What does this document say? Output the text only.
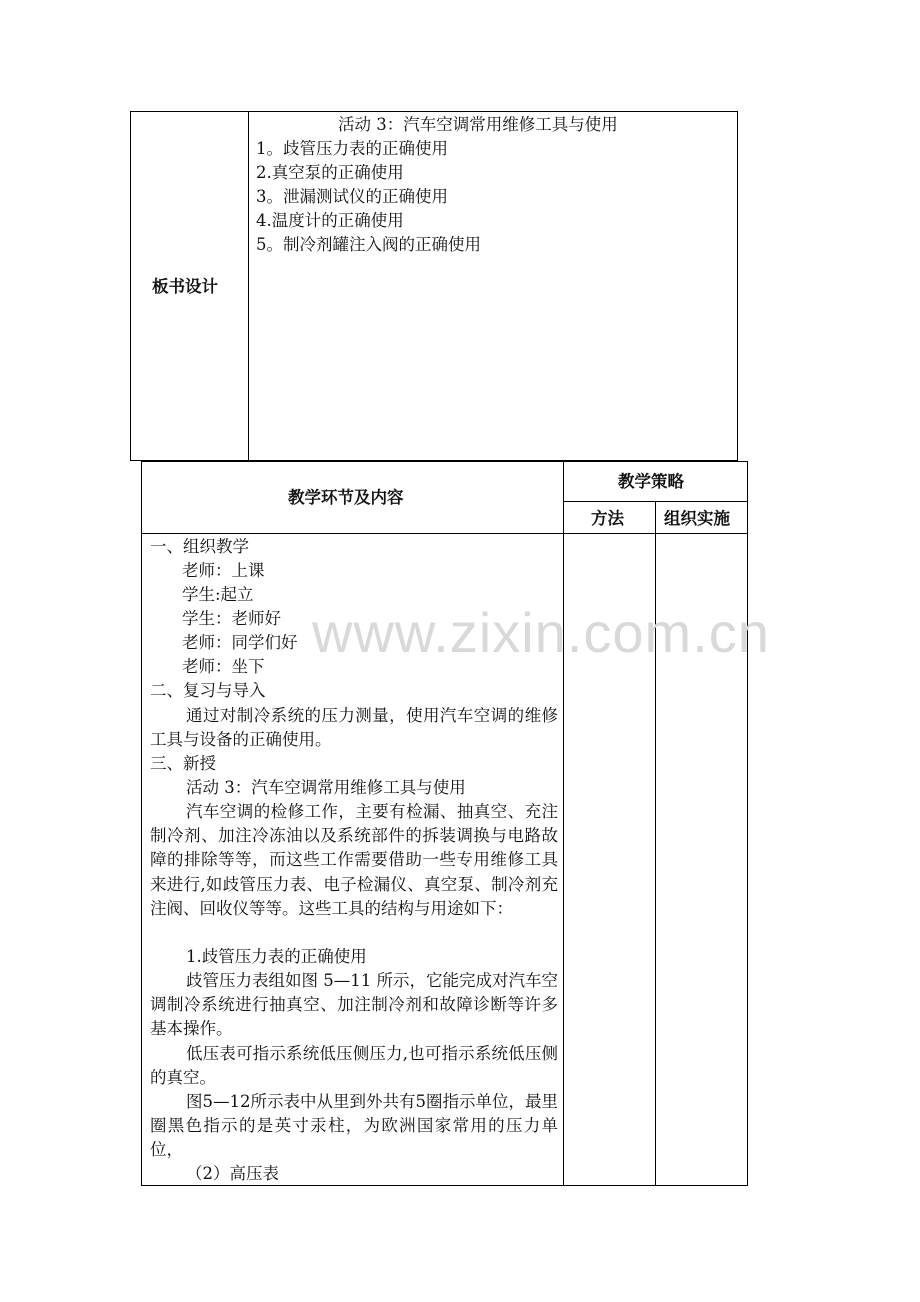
板书设计
活动 3：汽车空调常用维修工具与使用
1。歧管压力表的正确使用
2.真空泵的正确使用
3。泄漏测试仪的正确使用
4.温度计的正确使用
5。制冷剂罐注入阀的正确使用
教学环节及内容
教学策略
方法 组织实施
www.zixin.com.cn
一、组织教学
老师：上课
学生:起立
学生：老师好
老师：同学们好
老师：坐下
二、复习与导入

通过对制冷系统的压力测量，使用汽车空调的维修工具与设备的正确使用。

三、新授
活动 3：汽车空调常用维修工具与使用

汽车空调的检修工作，主要有检漏、抽真空、充注制冷剂、加注冷冻油以及系统部件的拆装调换与电路故障的排除等等，而这些工作需要借助一些专用维修工具来进行,如歧管压力表、电子检漏仪、真空泵、制冷剂充注阀、回收仪等等。这些工具的结构与用途如下：

1.歧管压力表的正确使用

歧管压力表组如图 5—11 所示，它能完成对汽车空调制冷系统进行抽真空、加注制冷剂和故障诊断等许多基本操作。

低压表可指示系统低压侧压力,也可指示系统低压侧的真空。

图5—12所示表中从里到外共有5圈指示单位，最里圈黑色指示的是英寸汞柱，为欧洲国家常用的压力单位，

（2）高压表
